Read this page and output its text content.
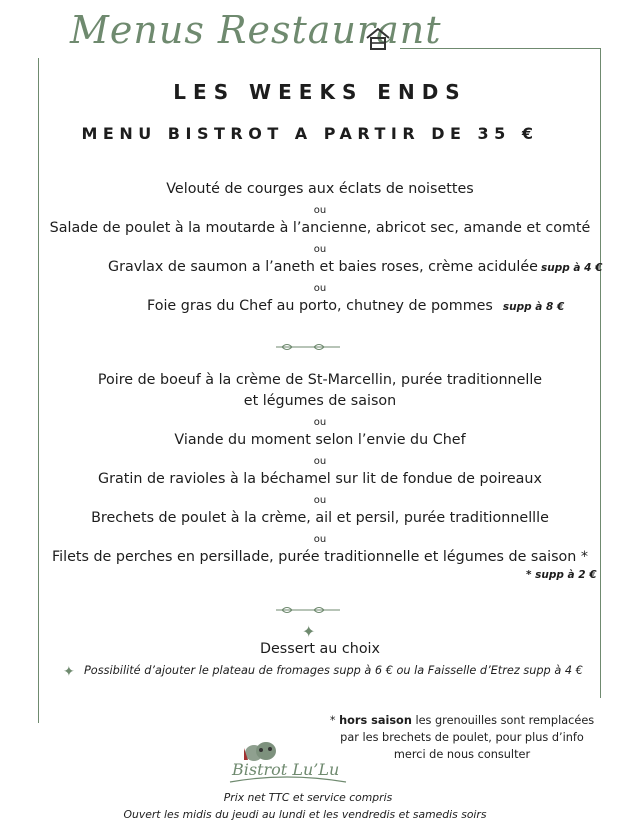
Menus Restaurant
LES WEEKS ENDS
MENU BISTROT A PARTIR DE 35 €
Velouté de courges aux éclats de noisettes
ou
Salade de poulet à la moutarde à l’ancienne, abricot sec, amande et comté
ou
Gravlax de saumon a l’aneth et baies roses, crème acidulée supp à 4 €
ou
Foie gras du Chef au porto, chutney de pommes supp à 8 €
Poire de boeuf à la crème de St-Marcellin, purée traditionnelle
et légumes de saison
ou
Viande du moment selon l’envie du Chef
ou
Gratin de ravioles à la béchamel sur lit de fondue de poireaux
ou
Brechets de poulet à la crème, ail et persil, purée traditionnellle
ou
Filets de perches en persillade, purée traditionnelle et légumes de saison *
* supp à 2 €
✦
Dessert au choix
✦ Possibilité d’ajouter le plateau de fromages supp à 6 € ou la Faisselle d’Etrez supp à 4 €
* hors saison les grenouilles sont remplacées
par les brechets de poulet, pour plus d’info
merci de nous consulter
Bistrot Lu’Lu
Prix net TTC et service compris
Ouvert les midis du jeudi au lundi et les vendredis et samedis soirs
